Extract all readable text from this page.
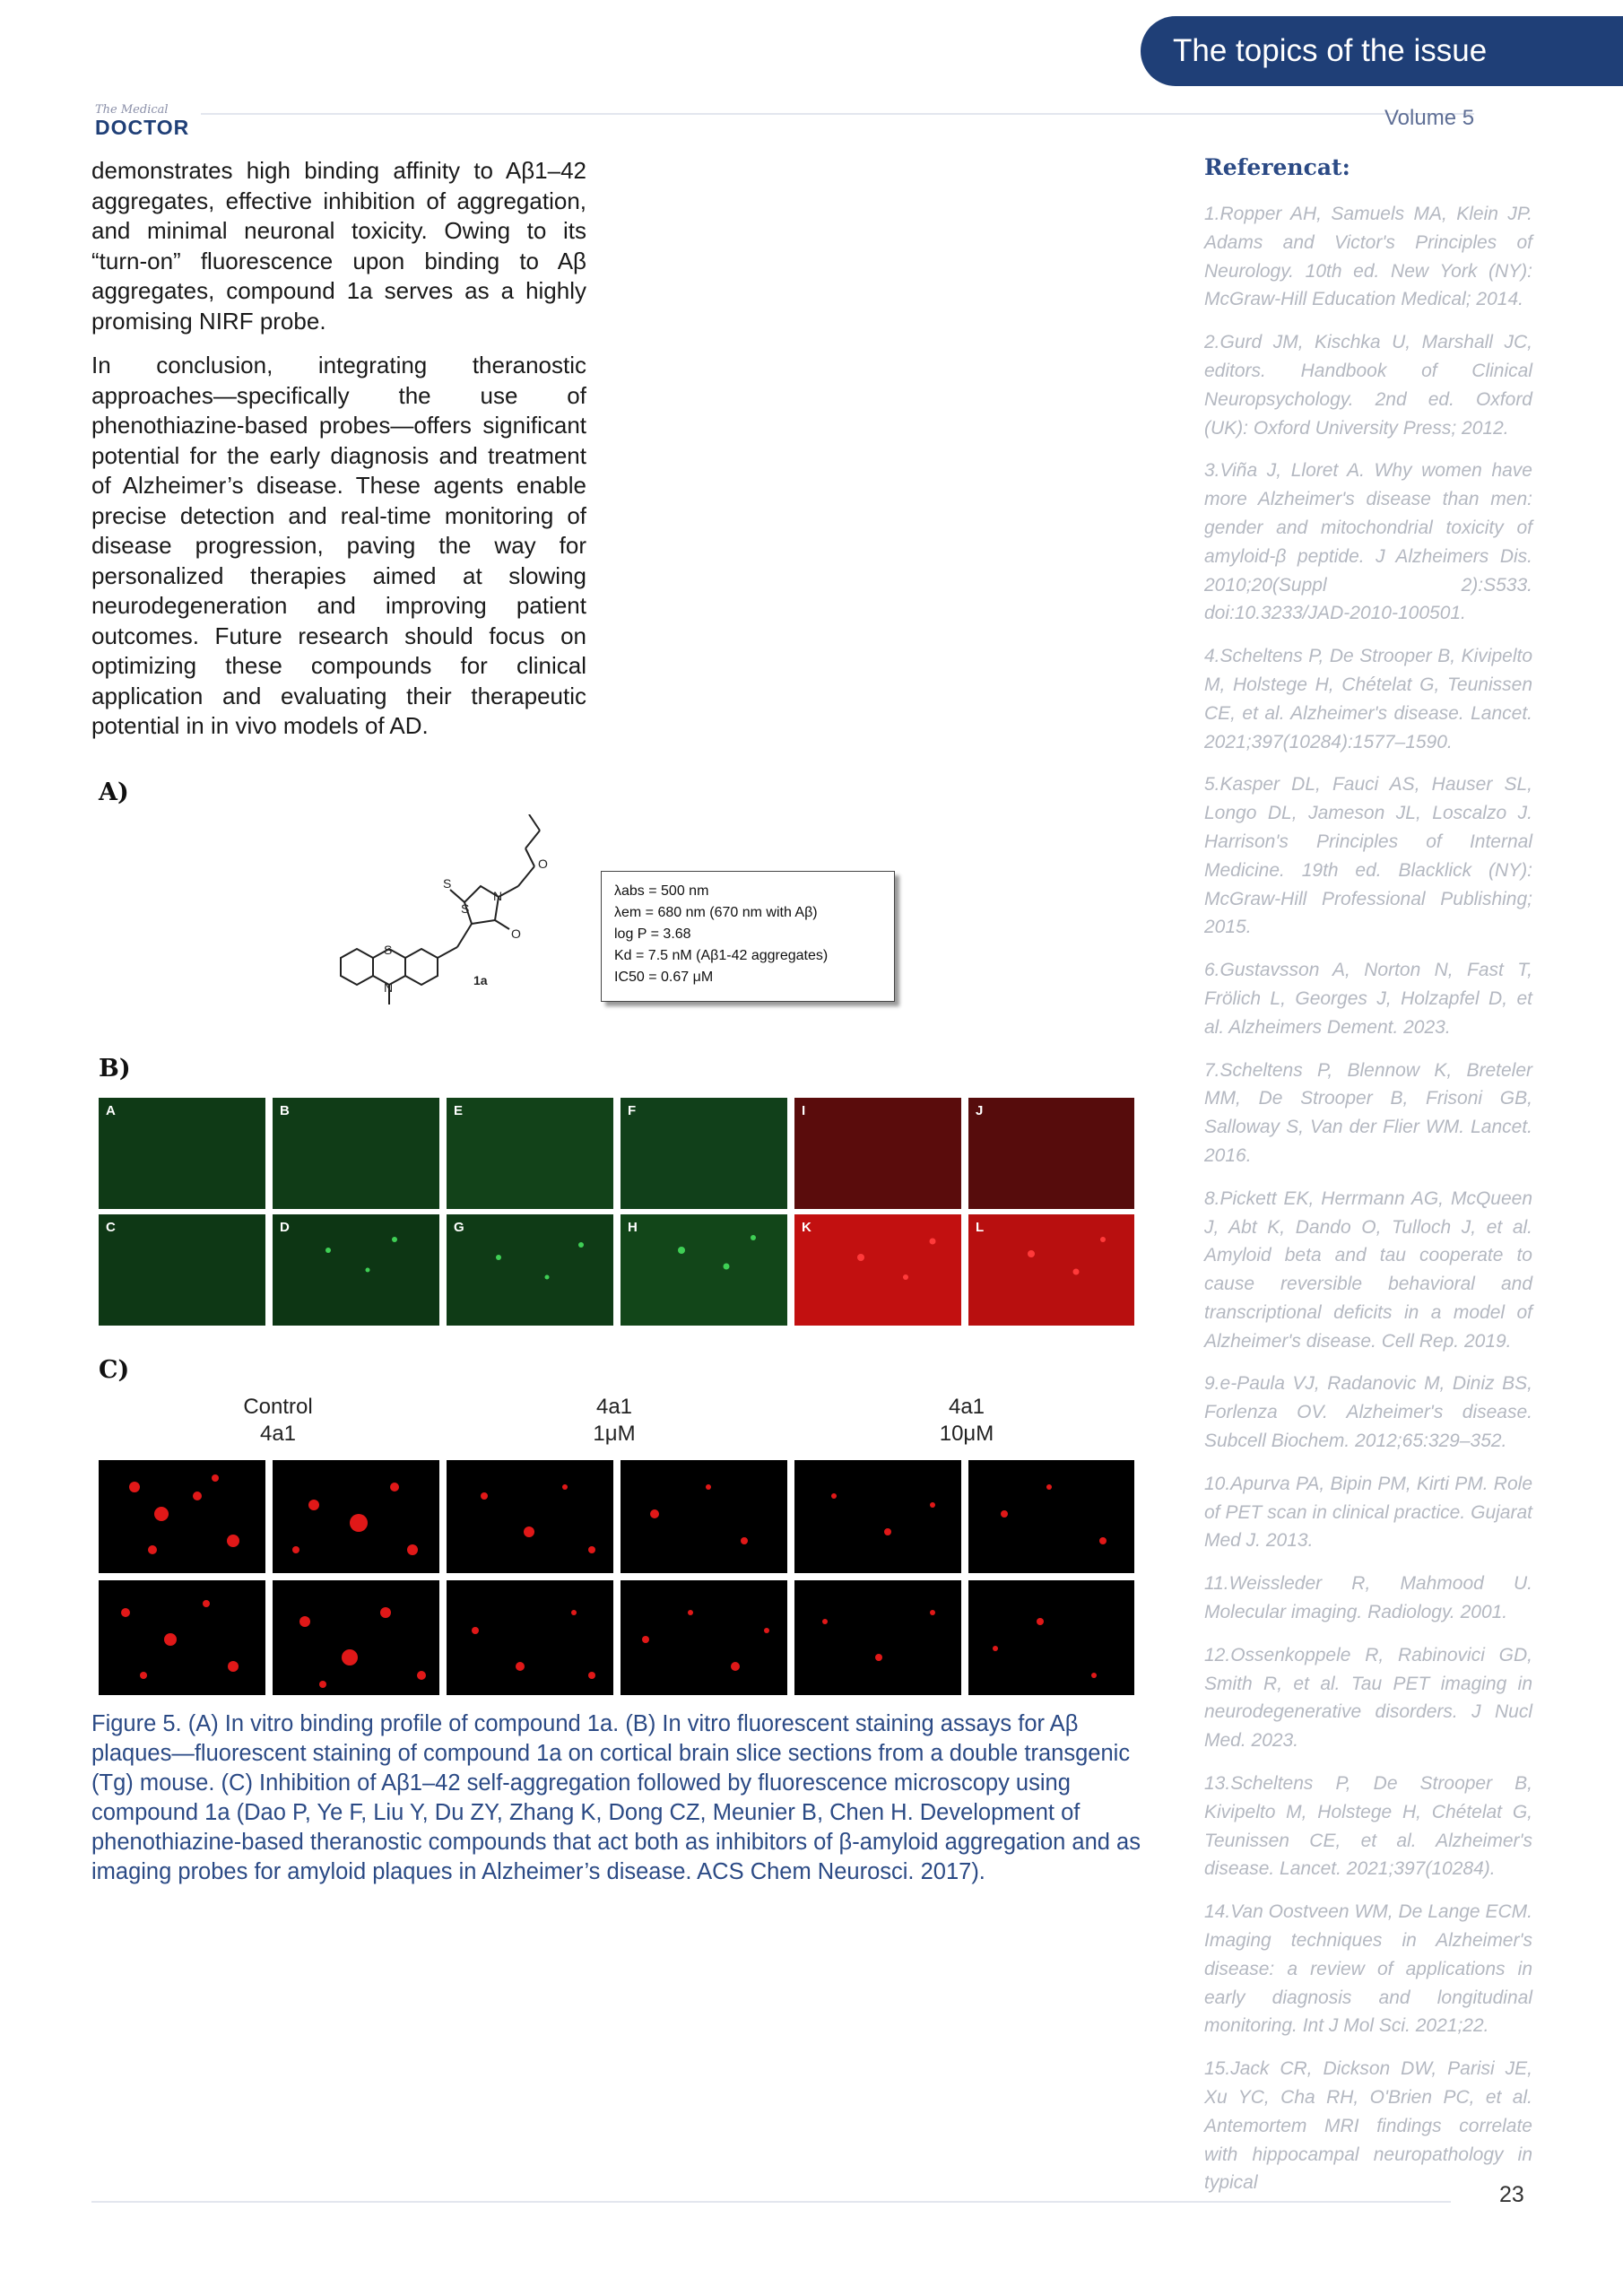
The topics of the issue
The Medical
DOCTOR	Volume 5

demonstrates high binding affinity to Aβ1–42 aggregates, effective inhibition of aggregation, and minimal neuronal toxicity. Owing to its “turn-on” fluorescence upon binding to Aβ aggregates, compound 1a serves as a highly promising NIRF probe.

In conclusion, integrating theranostic approaches—specifically the use of phenothiazine-based probes—offers significant potential for the early diagnosis and treatment of Alzheimer’s disease. These agents enable precise detection and real-time monitoring of disease progression, paving the way for personalized therapies aimed at slowing neurodegeneration and improving patient outcomes. Future research should focus on optimizing these compounds for clinical application and evaluating their therapeutic potential in in vivo models of AD.

Referencat:
1.Ropper AH, Samuels MA, Klein JP. Adams and Victor's Principles of Neurology. 10th ed. New York (NY): McGraw-Hill Education Medical; 2014.
2.Gurd JM, Kischka U, Marshall JC, editors. Handbook of Clinical Neuropsychology. 2nd ed. Oxford (UK): Oxford University Press; 2012.
3.Viña J, Lloret A. Why women have more Alzheimer's disease than men: gender and mitochondrial toxicity of amyloid-β peptide. J Alzheimers Dis. 2010;20(Suppl 2):S533. doi:10.3233/JAD-2010-100501.
4.Scheltens P, De Strooper B, Kivipelto M, Holstege H, Chételat G, Teunissen CE, et al. Alzheimer's disease. Lancet. 2021;397(10284):1577–1590.
5.Kasper DL, Fauci AS, Hauser SL, Longo DL, Jameson JL, Loscalzo J. Harrison's Principles of Internal Medicine. 19th ed. Blacklick (NY): McGraw-Hill Professional Publishing; 2015.
6.Gustavsson A, Norton N, Fast T, Frölich L, Georges J, Holzapfel D, et al. Alzheimers Dement. 2023.
7.Scheltens P, Blennow K, Breteler MM, De Strooper B, Frisoni GB, Salloway S, Van der Flier WM. Lancet. 2016.
8.Pickett EK, Herrmann AG, McQueen J, Abt K, Dando O, Tulloch J, et al. Amyloid beta and tau cooperate to cause reversible behavioral and transcriptional deficits in a model of Alzheimer's disease. Cell Rep. 2019.
9.e-Paula VJ, Radanovic M, Diniz BS, Forlenza OV. Alzheimer's disease. Subcell Biochem. 2012;65:329–352.
10.Apurva PA, Bipin PM, Kirti PM. Role of PET scan in clinical practice. Gujarat Med J. 2013.
11.Weissleder R, Mahmood U. Molecular imaging. Radiology. 2001.
12.Ossenkoppele R, Rabinovici GD, Smith R, et al. Tau PET imaging in neurodegenerative disorders. J Nucl Med. 2023.
13.Scheltens P, De Strooper B, Kivipelto M, Holstege H, Chételat G, Teunissen CE, et al. Alzheimer's disease. Lancet. 2021;397(10284).
14.Van Oostveen WM, De Lange ECM. Imaging techniques in Alzheimer's disease: a review of applications in early diagnosis and longitudinal monitoring. Int J Mol Sci. 2021;22.
15.Jack CR, Dickson DW, Parisi JE, Xu YC, Cha RH, O'Brien PC, et al. Antemortem MRI findings correlate with hippocampal neuropathology in typical
A)
S
N
S
S
N
O
O
1a
λabs = 500 nm
λem = 680 nm (670 nm with Aβ)
log P = 3.68
Kd = 7.5 nM (Aβ1-42 aggregates)
IC50 = 0.67 μM
B)
A	B	E	F	I	J
C	D	G	H	K	L
C)
Control
4a1
4a1
1μM
4a1
10μM
Figure 5. (A) In vitro binding profile of compound 1a. (B) In vitro fluorescent staining assays for Aβ plaques—fluorescent staining of compound 1a on cortical brain slice sections from a double transgenic (Tg) mouse. (C) Inhibition of Aβ1–42 self-aggregation followed by fluorescence microscopy using compound 1a (Dao P, Ye F, Liu Y, Du ZY, Zhang K, Dong CZ, Meunier B, Chen H. Development of phenothiazine-based theranostic compounds that act both as inhibitors of β-amyloid aggregation and as imaging probes for amyloid plaques in Alzheimer’s disease. ACS Chem Neurosci. 2017).
23
